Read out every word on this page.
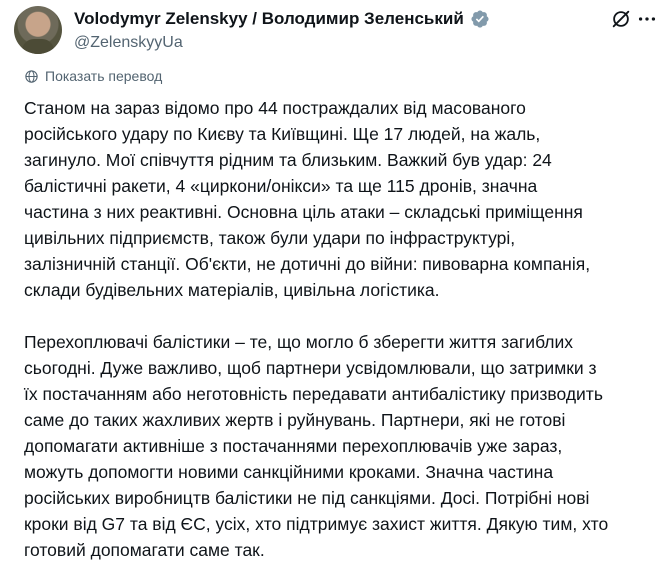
Volodymyr Zelenskyy / Володимир Зеленський
@ZelenskyyUa
Показать перевод

Станом на зараз відомо про 44 постраждалих від масованого
російського удару по Києву та Київщині. Ще 17 людей, на жаль,
загинуло. Мої співчуття рідним та близьким. Важкий був удар: 24
балістичні ракети, 4 «циркони/онікси» та ще 115 дронів, значна
частина з них реактивні. Основна ціль атаки – складські приміщення
цивільних підприємств, також були удари по інфраструктурі,
залізничній станції. Об'єкти, не дотичні до війни: пивоварна компанія,
склади будівельних матеріалів, цивільна логістика.

Перехоплювачі балістики – те, що могло б зберегти життя загиблих
сьогодні. Дуже важливо, щоб партнери усвідомлювали, що затримки з
їх постачанням або неготовність передавати антибалістику призводить
саме до таких жахливих жертв і руйнувань. Партнери, які не готові
допомагати активніше з постачаннями перехоплювачів уже зараз,
можуть допомогти новими санкційними кроками. Значна частина
російських виробництв балістики не під санкціями. Досі. Потрібні нові
кроки від G7 та від ЄС, усіх, хто підтримує захист життя. Дякую тим, хто
готовий допомагати саме так.
